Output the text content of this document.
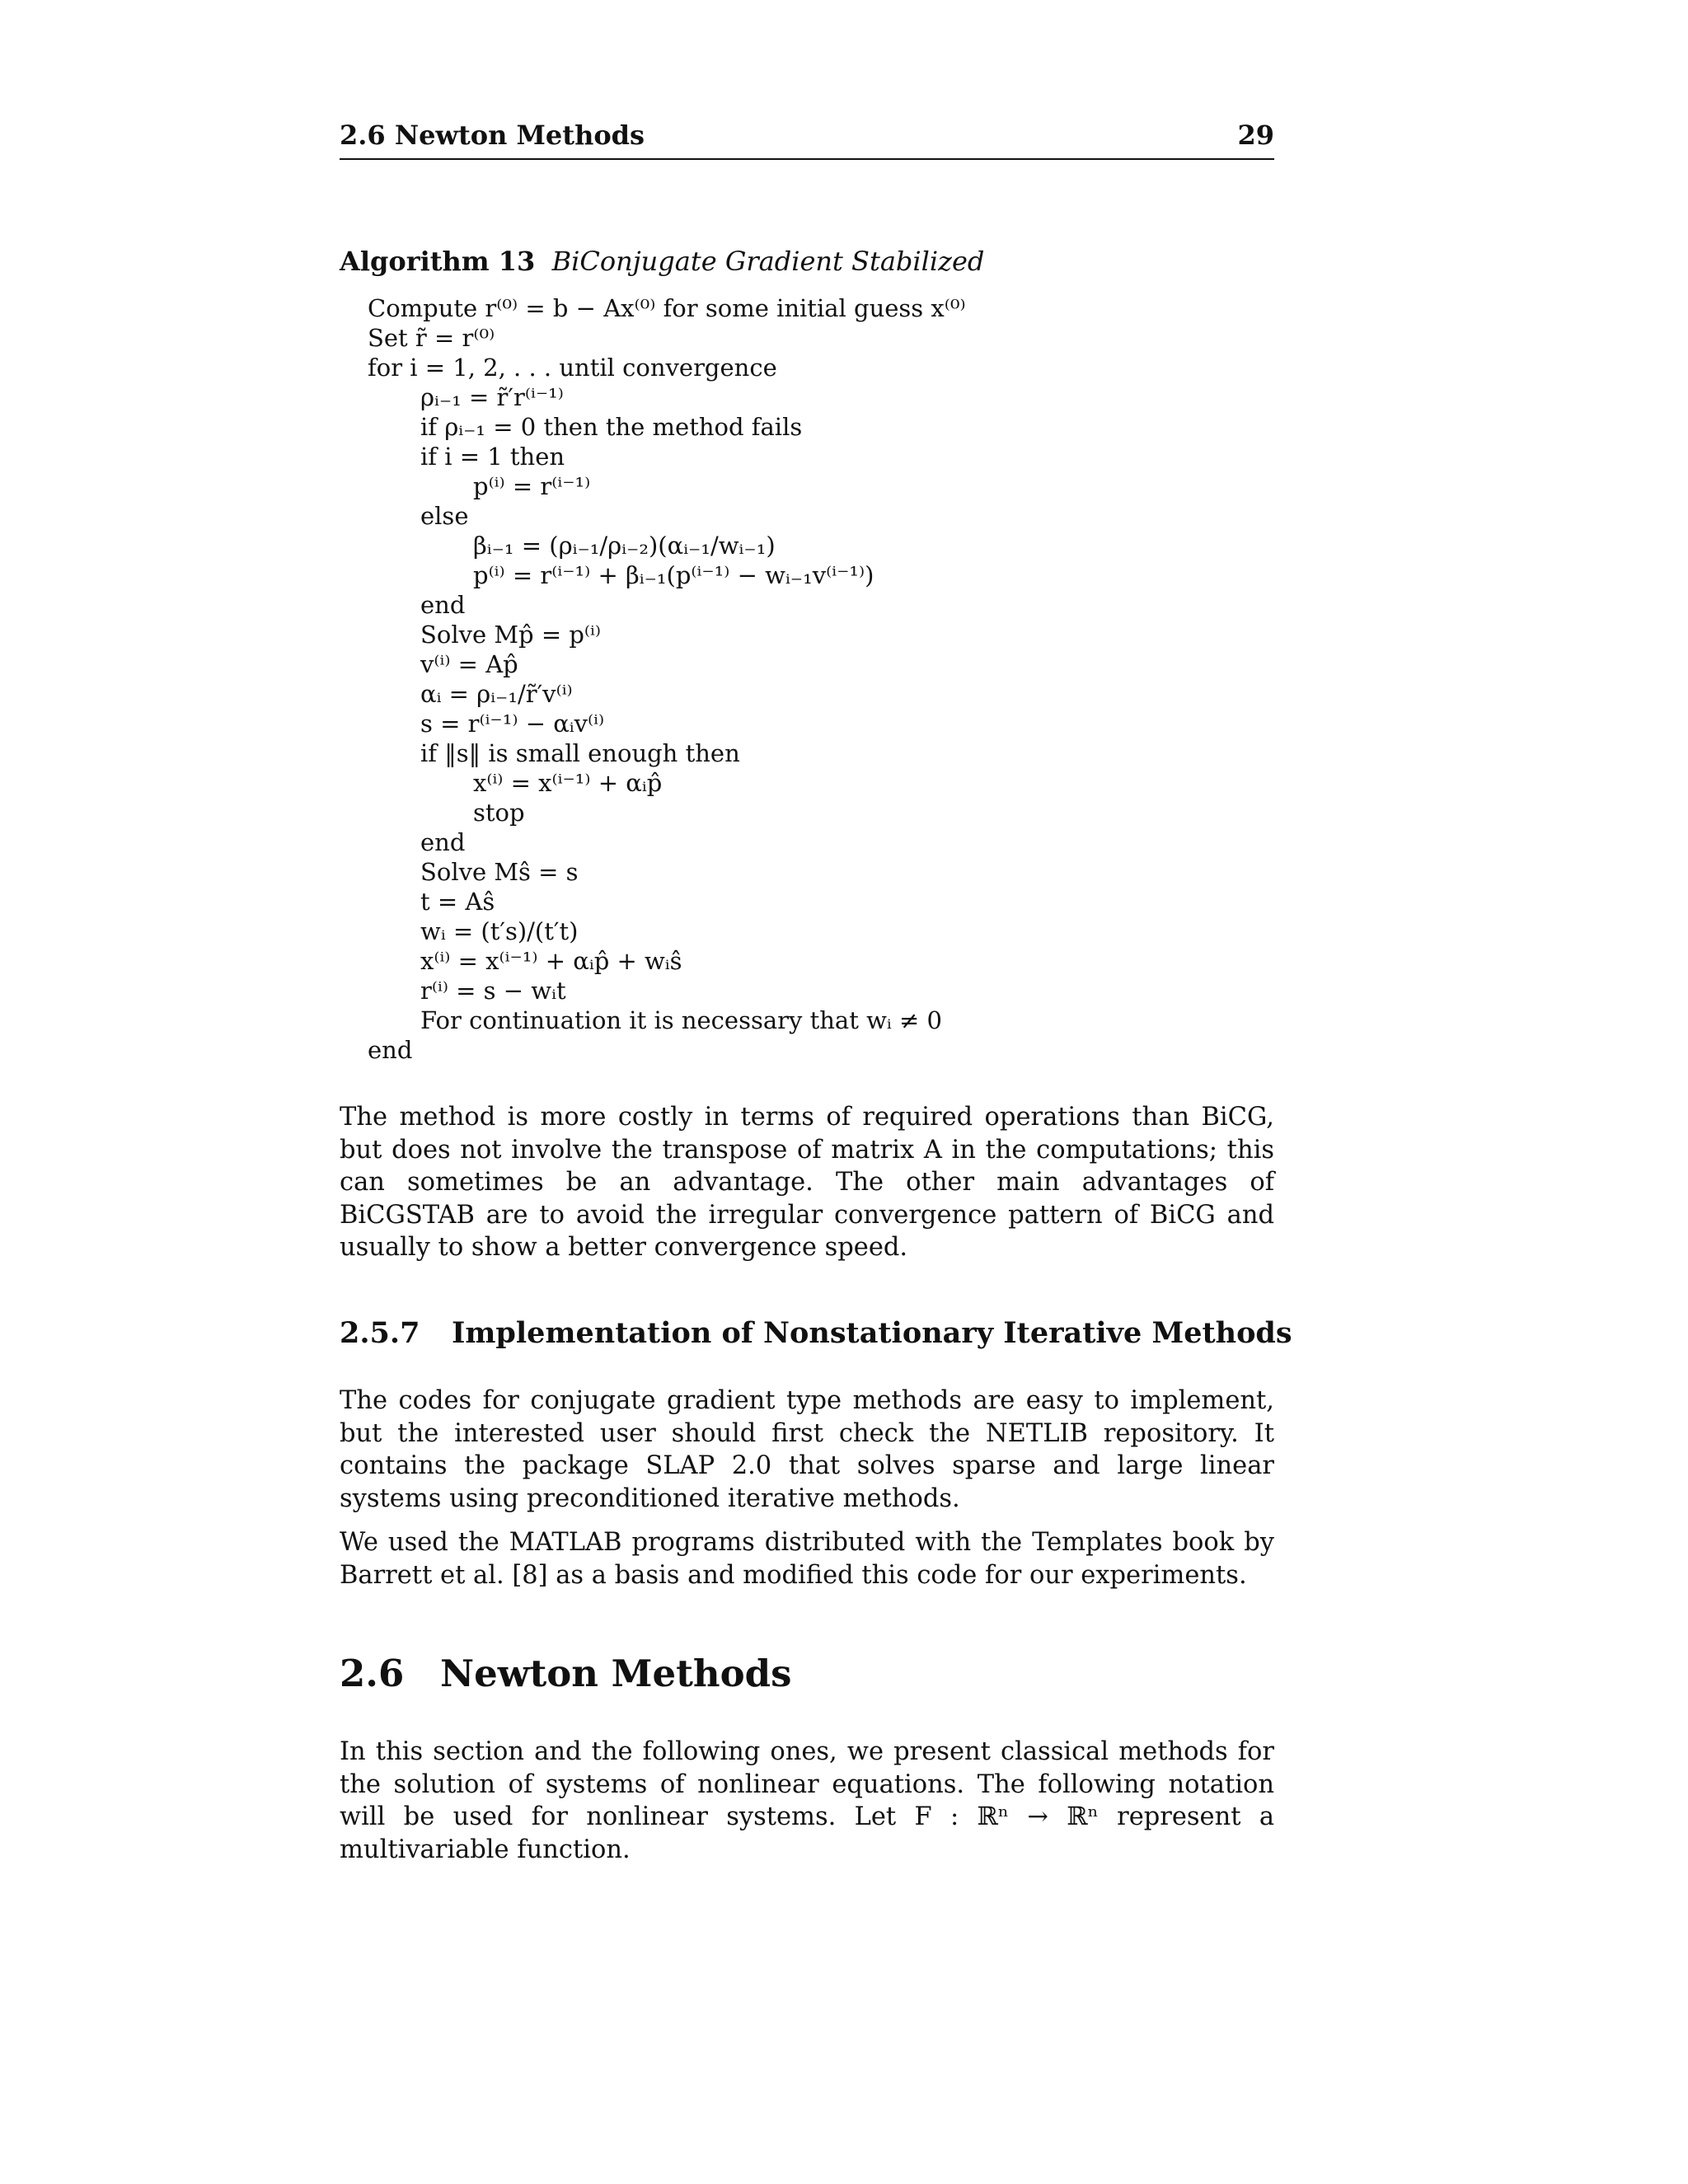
2.6 Newton Methods	29
Algorithm 13 BiConjugate Gradient Stabilized
Compute r⁽⁰⁾ = b − Ax⁽⁰⁾ for some initial guess x⁽⁰⁾
Set r̃ = r⁽⁰⁾
for i = 1, 2, . . . until convergence
ρᵢ₋₁ = r̃′r⁽ⁱ⁻¹⁾
if ρᵢ₋₁ = 0 then the method fails
if i = 1 then
p⁽ⁱ⁾ = r⁽ⁱ⁻¹⁾
else
βᵢ₋₁ = (ρᵢ₋₁/ρᵢ₋₂)(αᵢ₋₁/wᵢ₋₁)
p⁽ⁱ⁾ = r⁽ⁱ⁻¹⁾ + βᵢ₋₁(p⁽ⁱ⁻¹⁾ − wᵢ₋₁v⁽ⁱ⁻¹⁾)
end
Solve Mp̂ = p⁽ⁱ⁾
v⁽ⁱ⁾ = Ap̂
αᵢ = ρᵢ₋₁/r̃′v⁽ⁱ⁾
s = r⁽ⁱ⁻¹⁾ − αᵢv⁽ⁱ⁾
if ‖s‖ is small enough then
x⁽ⁱ⁾ = x⁽ⁱ⁻¹⁾ + αᵢp̂
stop
end
Solve Mŝ = s
t = Aŝ
wᵢ = (t′s)/(t′t)
x⁽ⁱ⁾ = x⁽ⁱ⁻¹⁾ + αᵢp̂ + wᵢŝ
r⁽ⁱ⁾ = s − wᵢt
For continuation it is necessary that wᵢ ≠ 0
end

The method is more costly in terms of required operations than BiCG, but does not involve the transpose of matrix A in the computations; this can sometimes be an advantage. The other main advantages of BiCGSTAB are to avoid the irregular convergence pattern of BiCG and usually to show a better convergence speed.

2.5.7 Implementation of Nonstationary Iterative Methods

The codes for conjugate gradient type methods are easy to implement, but the interested user should first check the NETLIB repository. It contains the package SLAP 2.0 that solves sparse and large linear systems using preconditioned iterative methods.

We used the MATLAB programs distributed with the Templates book by Barrett et al. [8] as a basis and modified this code for our experiments.

2.6 Newton Methods

In this section and the following ones, we present classical methods for the solution of systems of nonlinear equations. The following notation will be used for nonlinear systems. Let F : ℝⁿ → ℝⁿ represent a multivariable function.
